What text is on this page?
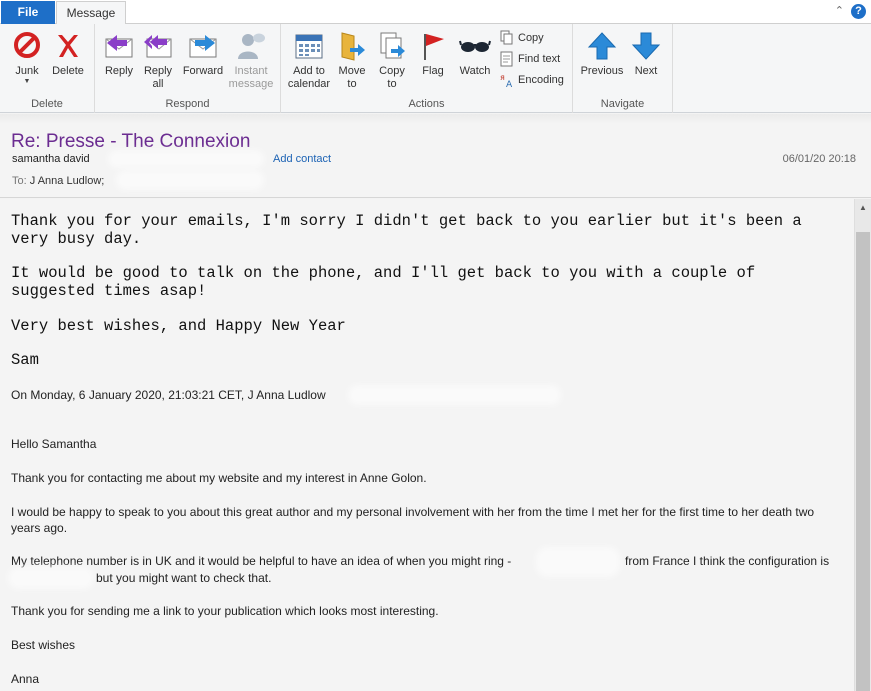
File	Message	⌃	?
Junk
▼
Delete
Delete
Reply Reply
all
Forward	Instant
message
Respond
Add to
calendar
Move
to
Copy
to
Flag	Watch
Copy
Find text
я
A Encoding
Actions
Previous	Next
Navigate
Re: Presse - The Connexion
samantha david	Add contact	06/01/20 20:18
To: J Anna Ludlow;
Thank you for your emails, I'm sorry I didn't get back to you earlier but it's been a very busy day.
It would be good to talk on the phone, and I'll get back to you with a couple of suggested times asap!
Very best wishes, and Happy New Year
Sam
On Monday, 6 January 2020, 21:03:21 CET, J Anna Ludlow
Hello Samantha
Thank you for contacting me about my website and my interest in Anne Golon.
I would be happy to speak to you about this great author and my personal involvement with her from the time I met her for the first time to her death two years ago.
My telephone number is in UK and it would be helpful to have an idea of when you might ring -	from France I think the configuration is
but you might want to check that.
Thank you for sending me a link to your publication which looks most interesting.
Best wishes
Anna
▲
